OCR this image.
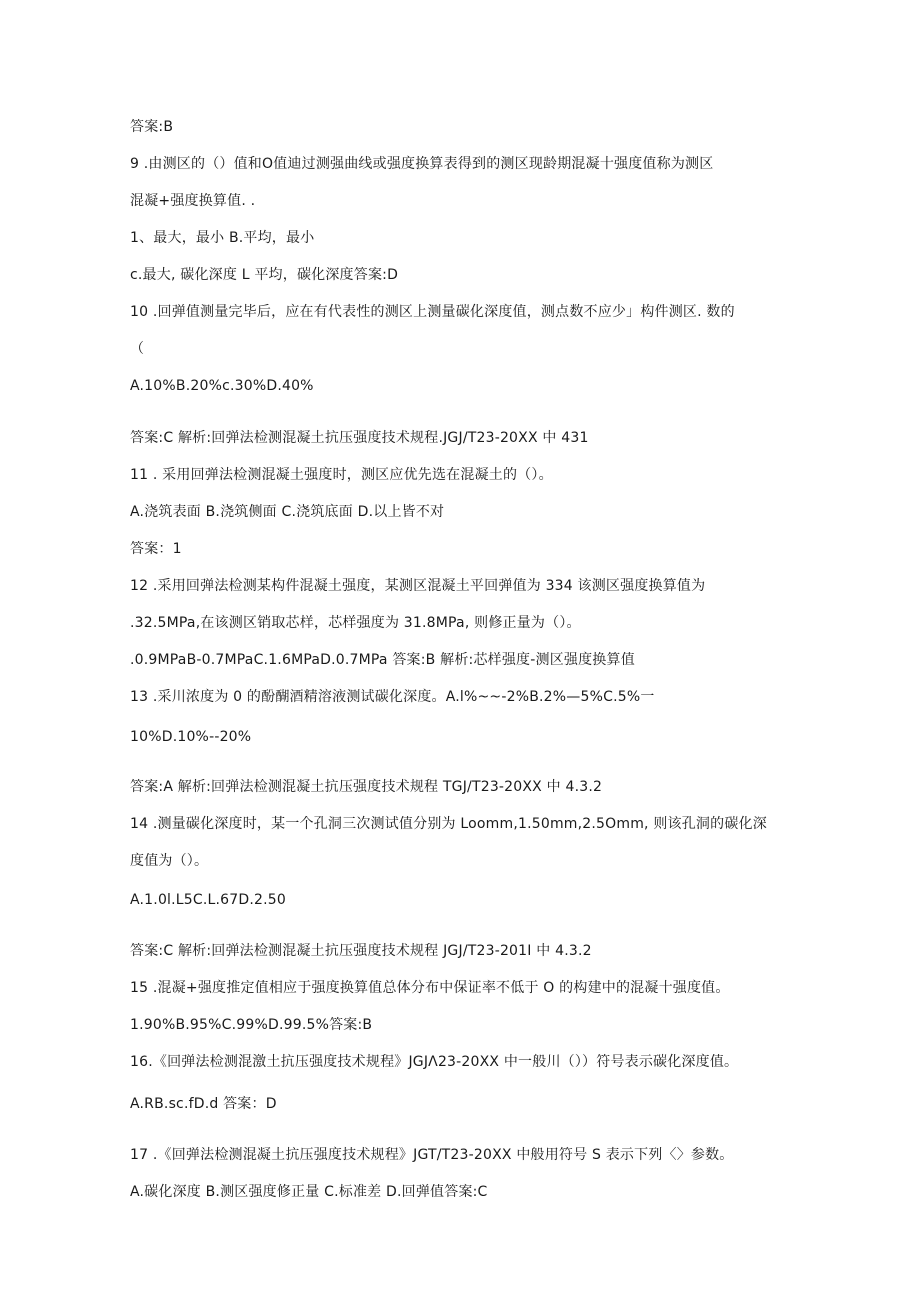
答案:B
9 .由测区的（）值和O值迪过测强曲线或强度换算表得到的测区现龄期混凝十强度值称为测区
混凝+强度换算值. .
1、最大，最小 B.平均，最小
c.最大, 碳化深度 L 平均，碳化深度答案:D
10 .回弹值测量完毕后，应在有代表性的测区上测量碳化深度值，测点数不应少」构件测区. 数的
（
A.10%B.20%c.30%D.40%
答案:C 解析:回弹法检测混凝土抗压强度技术规程.JGJ/T23-20XX 中 431
11 . 采用回弹法检测混凝土强度时，测区应优先选在混凝土的（）。
A.浇筑表面 B.浇筑侧面 C.浇筑底面 D.以上皆不对
答案：1
12 .采用回弹法检测某构件混凝土强度，某测区混凝土平回弹值为 334 该测区强度换算值为
.32.5MPa,在该测区销取芯样，芯样强度为 31.8MPa, 则修正量为（）。
.0.9MPaB-0.7MPaC.1.6MPaD.0.7MPa 答案:B 解析:芯样强度-测区强度换算值
13 .采川浓度为 0 的酚醐酒精溶液测试碳化深度。A.l%~~-2%B.2%—5%C.5%一
10%D.10%--20%
答案:A 解析:回弹法检测混凝土抗压强度技术规程 TGJ/T23-20XX 中 4.3.2
14 .测量碳化深度时，某一个孔洞三次测试值分别为 Loomm,1.50mm,2.5Omm, 则该孔洞的碳化深
度值为（）。
A.1.0l.L5C.L.67D.2.50
答案:C 解析:回弹法检测混凝土抗压强度技术规程 JGJ/T23-201I 中 4.3.2
15 .混凝+强度推定值相应于强度换算值总体分布中保证率不低于 O 的构建中的混凝十强度值。
1.90%B.95%C.99%D.99.5%答案:B
16.《回弹法检测混激土抗压强度技术规程》JGJΛ23-20XX 中一般川（））符号表示碳化深度值。
A.RB.sc.fD.d 答案：D
17 .《回弹法检测混凝土抗压强度技术规程》JGT/T23-20XX 中般用符号 S 表示下列〈〉参数。
A.碳化深度 B.测区强度修正量 C.标准差 D.回弹值答案:C
